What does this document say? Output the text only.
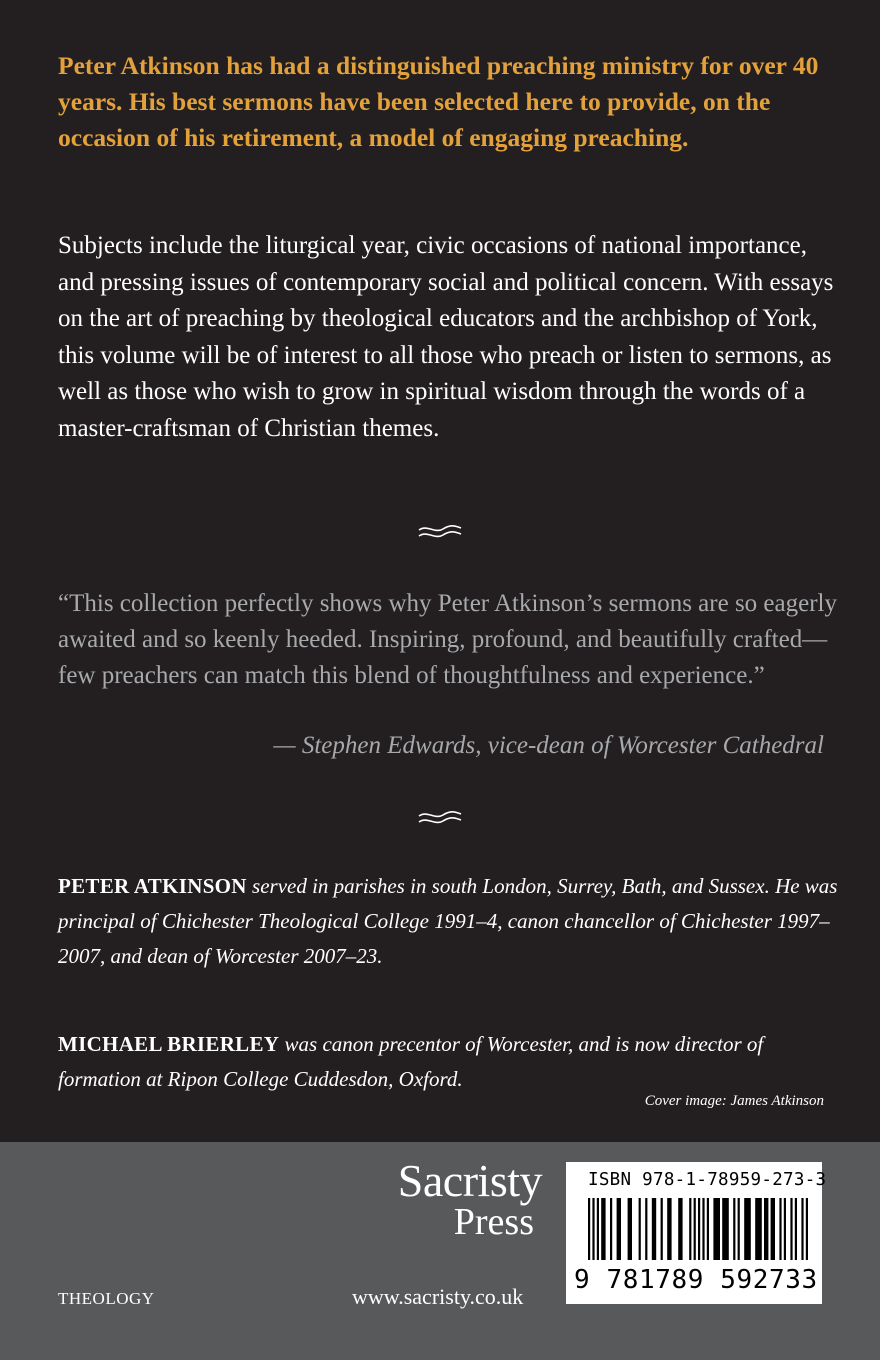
Peter Atkinson has had a distinguished preaching ministry for over 40 years. His best sermons have been selected here to provide, on the occasion of his retirement, a model of engaging preaching.

Subjects include the liturgical year, civic occasions of national importance, and pressing issues of contemporary social and political concern. With essays on the art of preaching by theological educators and the archbishop of York, this volume will be of interest to all those who preach or listen to sermons, as well as those who wish to grow in spiritual wisdom through the words of a master-craftsman of Christian themes.

“This collection perfectly shows why Peter Atkinson’s sermons are so eagerly awaited and so keenly heeded. Inspiring, profound, and beautifully crafted—few preachers can match this blend of thoughtfulness and experience.”

— Stephen Edwards, vice-dean of Worcester Cathedral

PETER ATKINSON served in parishes in south London, Surrey, Bath, and Sussex. He was principal of Chichester Theological College 1991–4, canon chancellor of Chichester 1997–2007, and dean of Worcester 2007–23.

MICHAEL BRIERLEY was canon precentor of Worcester, and is now director of formation at Ripon College Cuddesdon, Oxford.

Cover image: James Atkinson
Sacristy
Press
THEOLOGY	www.sacristy.co.uk
ISBN 978-1-78959-273-3
9 781789 592733
